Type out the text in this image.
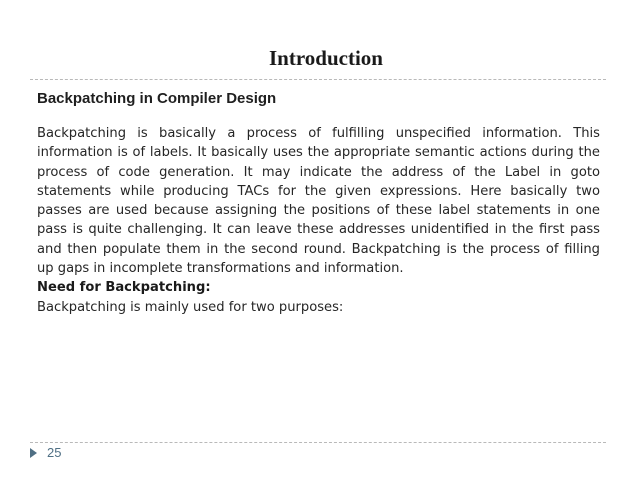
Introduction
Backpatching in Compiler Design

Backpatching is basically a process of fulfilling unspecified information. This information is of labels. It basically uses the appropriate semantic actions during the process of code generation. It may indicate the address of the Label in goto statements while producing TACs for the given expressions. Here basically two passes are used because assigning the positions of these label statements in one pass is quite challenging. It can leave these addresses unidentified in the first pass and then populate them in the second round. Backpatching is the process of filling up gaps in incomplete transformations and information.

Need for Backpatching:

Backpatching is mainly used for two purposes:

25
